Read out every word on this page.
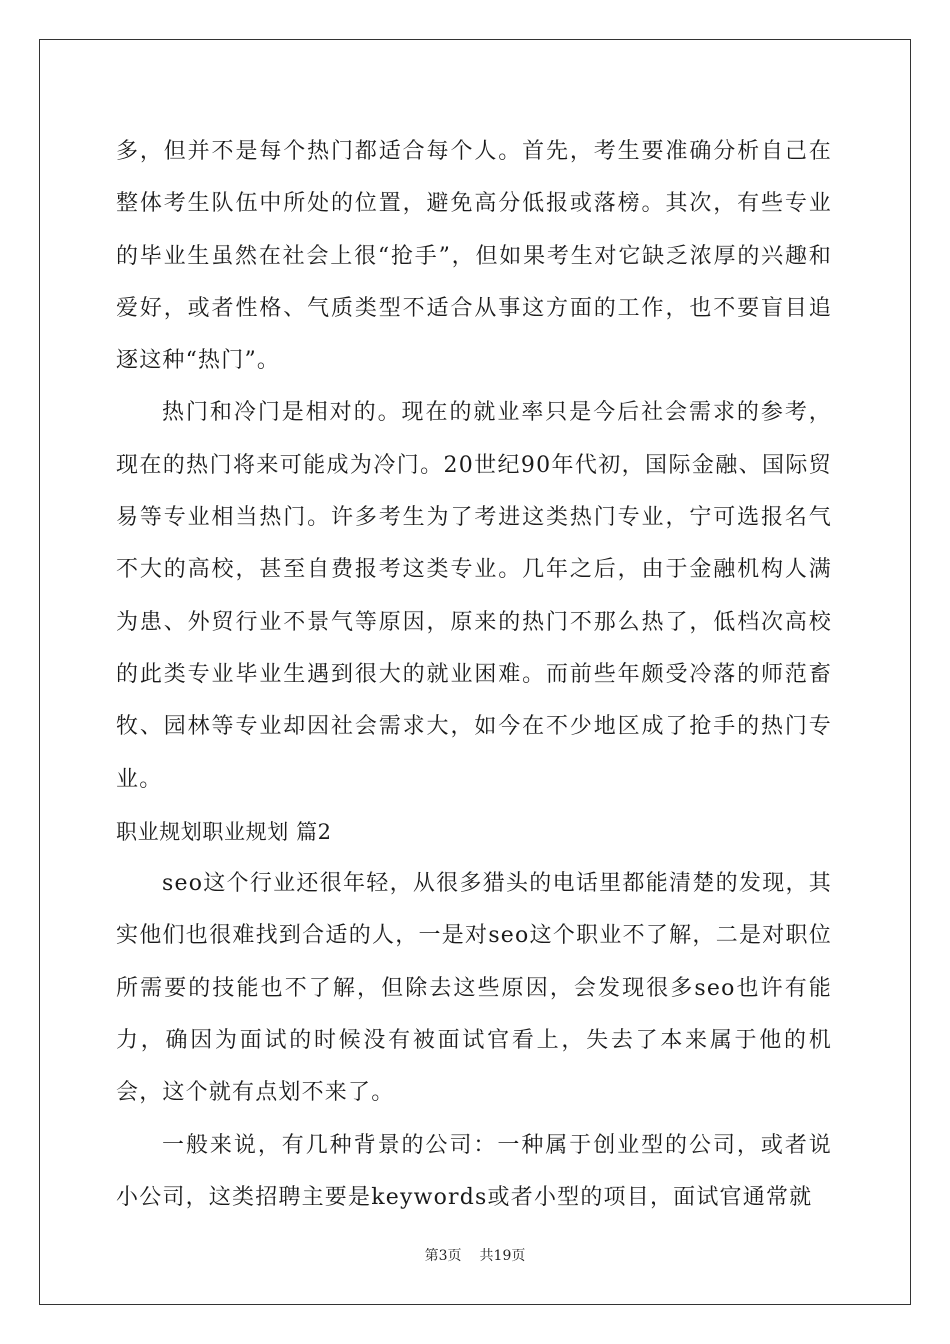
多，但并不是每个热门都适合每个人。首先，考生要准确分析自己在整体考生队伍中所处的位置，避免高分低报或落榜。其次，有些专业的毕业生虽然在社会上很“抢手”，但如果考生对它缺乏浓厚的兴趣和爱好，或者性格、气质类型不适合从事这方面的工作，也不要盲目追逐这种“热门”。

热门和冷门是相对的。现在的就业率只是今后社会需求的参考，现在的热门将来可能成为冷门。20世纪90年代初，国际金融、国际贸易等专业相当热门。许多考生为了考进这类热门专业，宁可选报名气不大的高校，甚至自费报考这类专业。几年之后，由于金融机构人满为患、外贸行业不景气等原因，原来的热门不那么热了，低档次高校的此类专业毕业生遇到很大的就业困难。而前些年颇受冷落的师范畜牧、园林等专业却因社会需求大，如今在不少地区成了抢手的热门专业。

职业规划职业规划 篇2

seo这个行业还很年轻，从很多猎头的电话里都能清楚的发现，其实他们也很难找到合适的人，一是对seo这个职业不了解，二是对职位所需要的技能也不了解，但除去这些原因，会发现很多seo也许有能力，确因为面试的时候没有被面试官看上，失去了本来属于他的机会，这个就有点划不来了。

一般来说，有几种背景的公司：一种属于创业型的公司，或者说小公司，这类招聘主要是keywords或者小型的项目，面试官通常就

第3页 共19页
